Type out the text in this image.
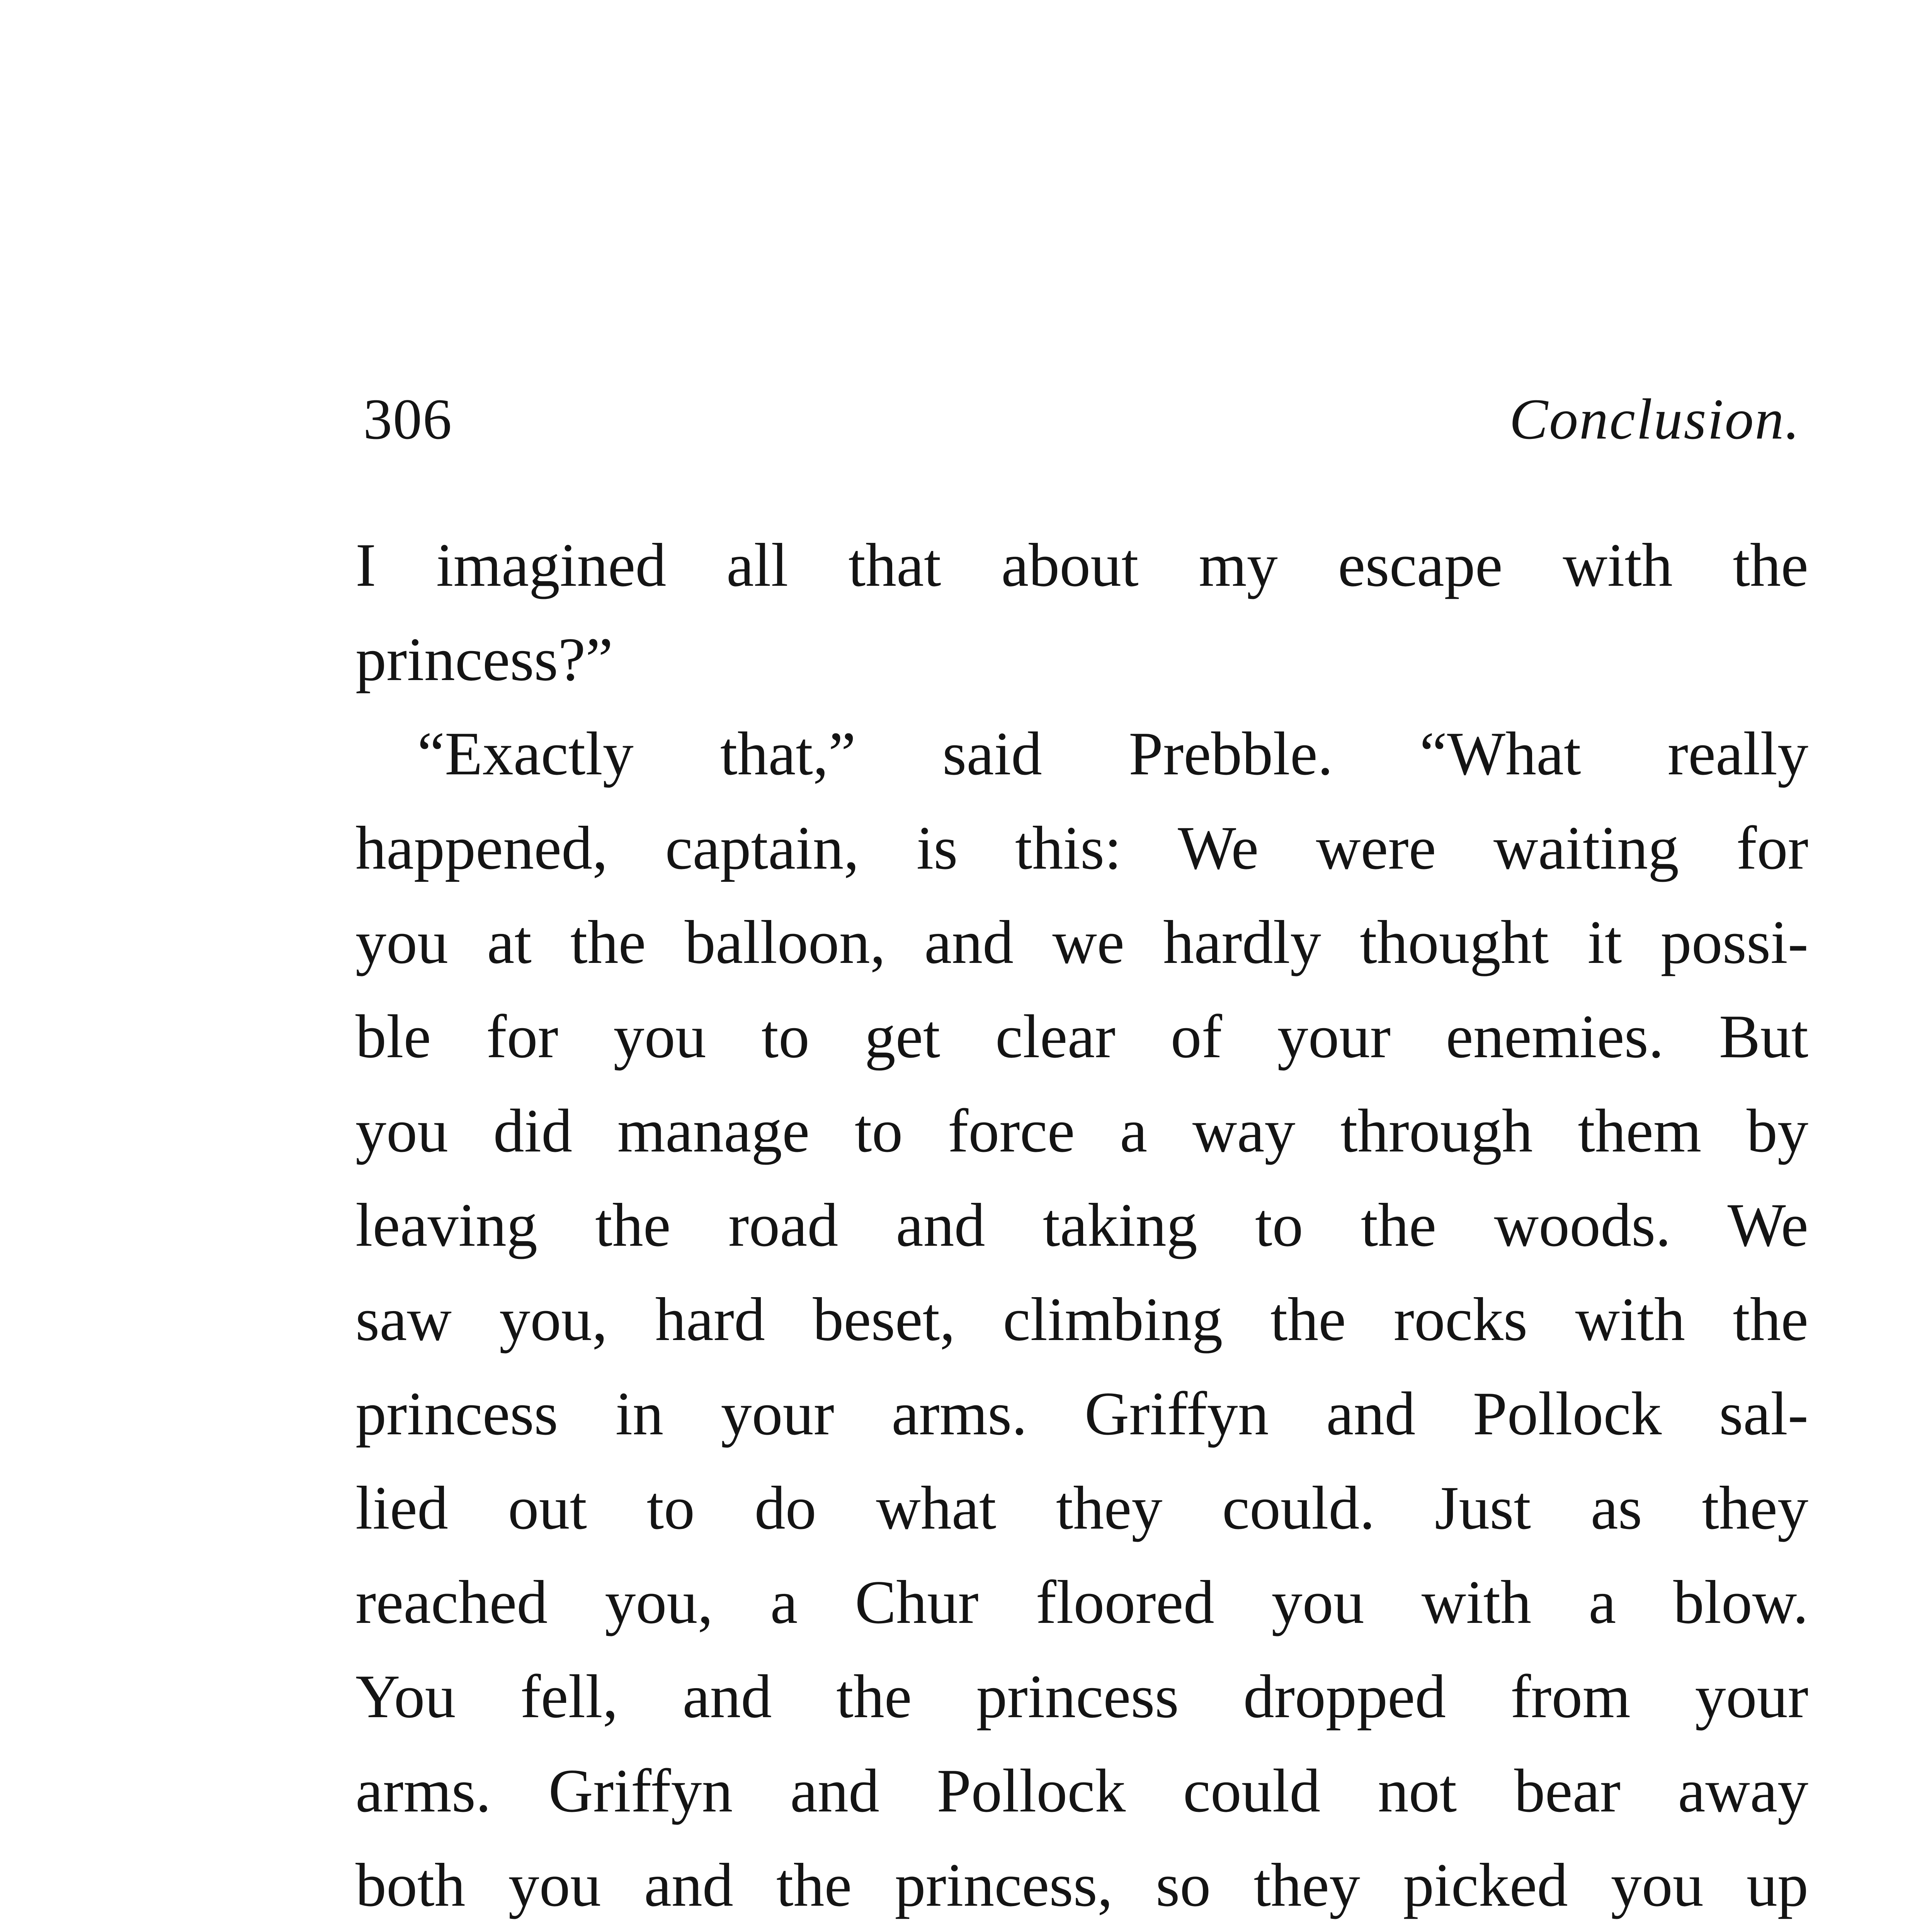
306	Conclusion.
I imagined all that about my escape with the
princess?”
“Exactly that,” said Prebble. “What really
happened, captain, is this: We were waiting for
you at the balloon, and we hardly thought it possi-
ble for you to get clear of your enemies. But
you did manage to force a way through them by
leaving the road and taking to the woods. We
saw you, hard beset, climbing the rocks with the
princess in your arms. Griffyn and Pollock sal-
lied out to do what they could. Just as they
reached you, a Chur floored you with a blow.
You fell, and the princess dropped from your
arms. Griffyn and Pollock could not bear away
both you and the princess, so they picked you up
